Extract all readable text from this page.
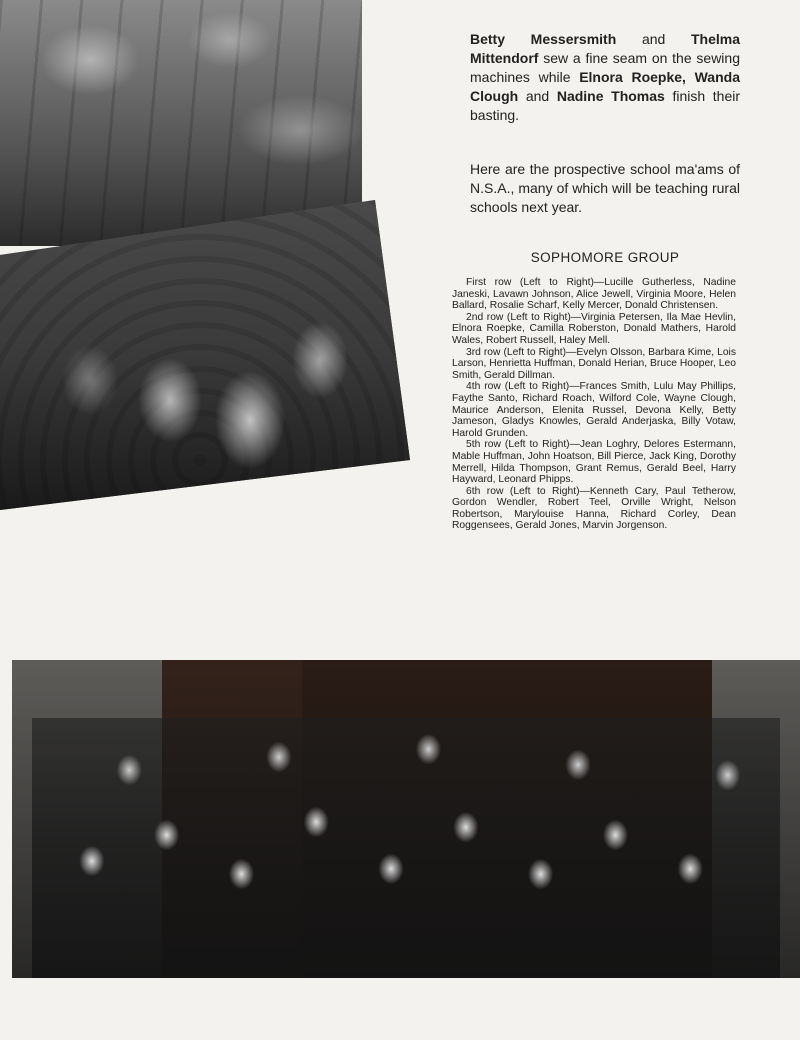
Betty Messersmith and Thelma Mittendorf sew a fine seam on the sewing machines while Elnora Roepke, Wanda Clough and Nadine Thomas finish their basting.
Here are the prospective school ma'ams of N.S.A., many of which will be teaching rural schools next year.
SOPHOMORE GROUP

First row (Left to Right)—Lucille Gutherless, Nadine Janeski, Lavawn Johnson, Alice Jewell, Virginia Moore, Helen Ballard, Rosalie Scharf, Kelly Mercer, Donald Christensen.

2nd row (Left to Right)—Virginia Petersen, Ila Mae Hevlin, Elnora Roepke, Camilla Roberston, Donald Mathers, Harold Wales, Robert Russell, Haley Mell.

3rd row (Left to Right)—Evelyn Olsson, Barbara Kime, Lois Larson, Henrietta Huffman, Donald Herian, Bruce Hooper, Leo Smith, Gerald Dillman.

4th row (Left to Right)—Frances Smith, Lulu May Phillips, Faythe Santo, Richard Roach, Wilford Cole, Wayne Clough, Maurice Anderson, Elenita Russel, Devona Kelly, Betty Jameson, Gladys Knowles, Gerald Anderjaska, Billy Votaw, Harold Grunden.

5th row (Left to Right)—Jean Loghry, Delores Estermann, Mable Huffman, John Hoatson, Bill Pierce, Jack King, Dorothy Merrell, Hilda Thompson, Grant Remus, Gerald Beel, Harry Hayward, Leonard Phipps.

6th row (Left to Right)—Kenneth Cary, Paul Tetherow, Gordon Wendler, Robert Teel, Orville Wright, Nelson Robertson, Marylouise Hanna, Richard Corley, Dean Roggensees, Gerald Jones, Marvin Jorgenson.
